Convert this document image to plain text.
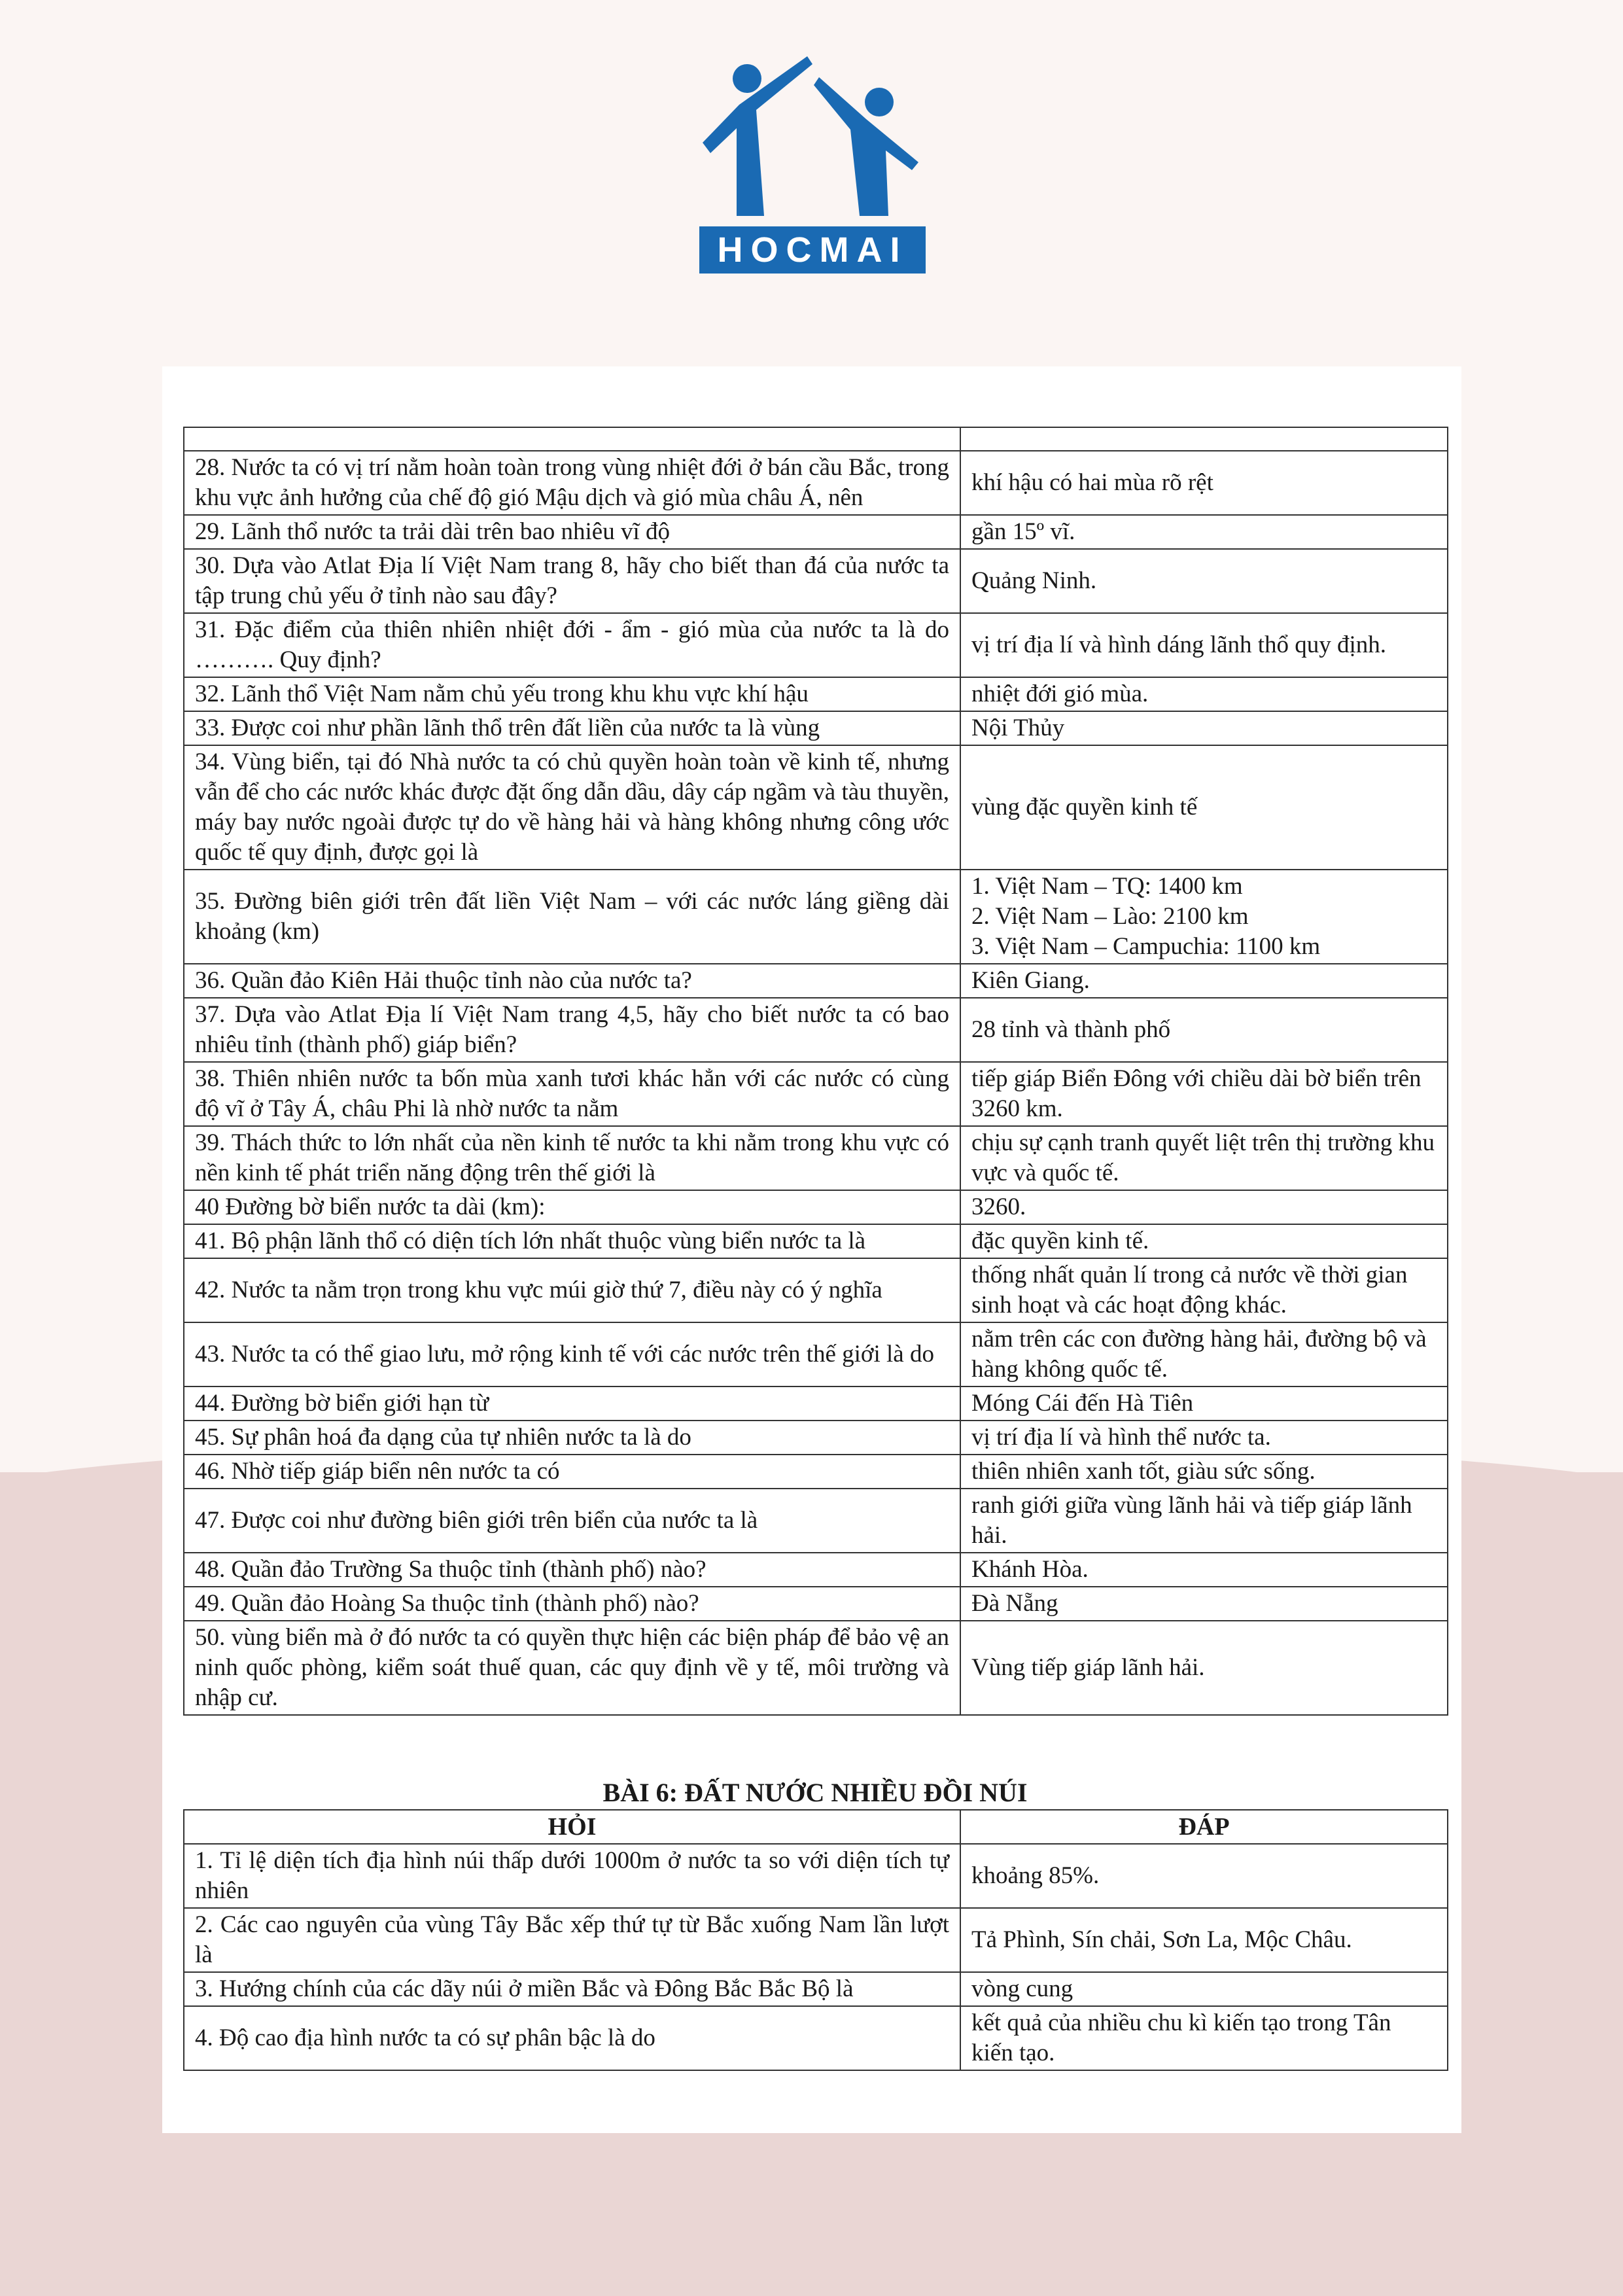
HOCMAI

28. Nước ta có vị trí nằm hoàn toàn trong vùng nhiệt đới ở bán cầu Bắc, trong khu vực ảnh hưởng của chế độ gió Mậu dịch và gió mùa châu Á, nên	khí hậu có hai mùa rõ rệt
29. Lãnh thổ nước ta trải dài trên bao nhiêu vĩ độ	gần 15º vĩ.
30. Dựa vào Atlat Địa lí Việt Nam trang 8, hãy cho biết than đá của nước ta tập trung chủ yếu ở tỉnh nào sau đây?	Quảng Ninh.
31. Đặc điểm của thiên nhiên nhiệt đới - ẩm - gió mùa của nước ta là do ………. Quy định?	vị trí địa lí và hình dáng lãnh thổ quy định.
32. Lãnh thổ Việt Nam nằm chủ yếu trong khu khu vực khí hậu	nhiệt đới gió mùa.
33. Được coi như phần lãnh thổ trên đất liền của nước ta là vùng	Nội Thủy
34. Vùng biển, tại đó Nhà nước ta có chủ quyền hoàn toàn về kinh tế, nhưng vẫn để cho các nước khác được đặt ống dẫn dầu, dây cáp ngầm và tàu thuyền, máy bay nước ngoài được tự do về hàng hải và hàng không nhưng công ước quốc tế quy định, được gọi là	vùng đặc quyền kinh tế
35. Đường biên giới trên đất liền Việt Nam – với các nước láng giềng dài khoảng (km)	1. Việt Nam – TQ: 1400 km
2. Việt Nam – Lào: 2100 km
3. Việt Nam – Campuchia: 1100 km

36. Quần đảo Kiên Hải thuộc tỉnh nào của nước ta?	Kiên Giang.
37. Dựa vào Atlat Địa lí Việt Nam trang 4,5, hãy cho biết nước ta có bao nhiêu tỉnh (thành phố) giáp biển?	28 tỉnh và thành phố
38. Thiên nhiên nước ta bốn mùa xanh tươi khác hẳn với các nước có cùng độ vĩ ở Tây Á, châu Phi là nhờ nước ta nằm	tiếp giáp Biển Đông với chiều dài bờ biển trên 3260 km.
39. Thách thức to lớn nhất của nền kinh tế nước ta khi nằm trong khu vực có nền kinh tế phát triển năng động trên thế giới là	chịu sự cạnh tranh quyết liệt trên thị trường khu vực và quốc tế.
40 Đường bờ biển nước ta dài (km):	3260.
41. Bộ phận lãnh thổ có diện tích lớn nhất thuộc vùng biển nước ta là	đặc quyền kinh tế.
42. Nước ta nằm trọn trong khu vực múi giờ thứ 7, điều này có ý nghĩa	thống nhất quản lí trong cả nước về thời gian sinh hoạt và các hoạt động khác.
43. Nước ta có thể giao lưu, mở rộng kinh tế với các nước trên thế giới là do	nằm trên các con đường hàng hải, đường bộ và hàng không quốc tế.
44. Đường bờ biển giới hạn từ	Móng Cái đến Hà Tiên
45. Sự phân hoá đa dạng của tự nhiên nước ta là do	vị trí địa lí và hình thể nước ta.
46. Nhờ tiếp giáp biển nên nước ta có	thiên nhiên xanh tốt, giàu sức sống.
47. Được coi như đường biên giới trên biển của nước ta là	ranh giới giữa vùng lãnh hải và tiếp giáp lãnh hải.
48. Quần đảo Trường Sa thuộc tỉnh (thành phố) nào?	Khánh Hòa.
49. Quần đảo Hoàng Sa thuộc tỉnh (thành phố) nào?	Đà Nẵng
50. vùng biển mà ở đó nước ta có quyền thực hiện các biện pháp để bảo vệ an ninh quốc phòng, kiểm soát thuế quan, các quy định về y tế, môi trường và nhập cư.	Vùng tiếp giáp lãnh hải.
BÀI 6: ĐẤT NƯỚC NHIỀU ĐỒI NÚI
HỎI	ĐÁP
1. Tỉ lệ diện tích địa hình núi thấp dưới 1000m ở nước ta so với diện tích tự nhiên	khoảng 85%.
2. Các cao nguyên của vùng Tây Bắc xếp thứ tự từ Bắc xuống Nam lần lượt là	Tả Phình, Sín chải, Sơn La, Mộc Châu.
3. Hướng chính của các dãy núi ở miền Bắc và Đông Bắc Bắc Bộ là	vòng cung
4. Độ cao địa hình nước ta có sự phân bậc là do	kết quả của nhiều chu kì kiến tạo trong Tân kiến tạo.
